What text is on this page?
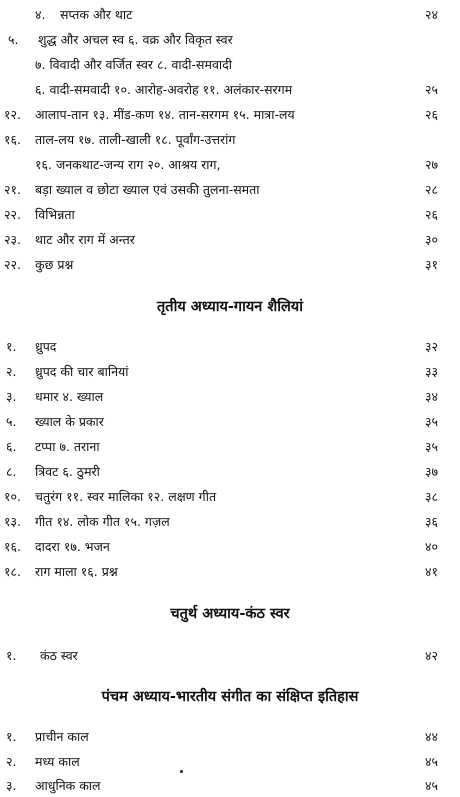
४. सप्तक और थाट	२४
५. शुद्ध और अचल स्व ६. वक्र और विकृत स्वर
७. विवादी और वर्जित स्वर ८. वादी-समवादी
६. वादी-समवादी १०. आरोह-अवरोह ११. अलंकार-सरगम	२५
१२. आलाप-तान १३. मींड-कण १४. तान-सरगम १५. मात्रा-लय	२६
१६. ताल-लय १७. ताली-खाली १८. पूर्वांग-उत्तरांग
१६. जनकथाट-जन्य राग २०. आश्रय राग,	२७
२१. बड़ा ख्याल व छोटा ख्याल एवं उसकी तुलना-समता	२८
२२. विभिन्नता	२६
२३. थाट और राग में अन्तर	३०
२२. कुछ प्रश्न	३१
तृतीय अध्याय-गायन शैलियां
१. ध्रुपद	३२
२. ध्रुपद की चार बानियां	३३
३. धमार ४. ख्याल	३४
५. ख्याल के प्रकार	३५
६. टप्पा ७. तराना	३५
८. त्रिवट ६. ठुमरी	३७
१०. चतुरंग ११. स्वर मालिका १२. लक्षण गीत	३८
१३. गीत १४. लोक गीत १५. गज़ल	३६
१६. दादरा १७. भजन	४०
१८. राग माला १६. प्रश्न	४१
चतुर्थ अध्याय-कंठ स्वर
१. कंठ स्वर	४२
पंचम अध्याय-भारतीय संगीत का संक्षिप्त इतिहास
१. प्राचीन काल	४४
२. मध्य काल	४५
३. आधुनिक काल	४५
